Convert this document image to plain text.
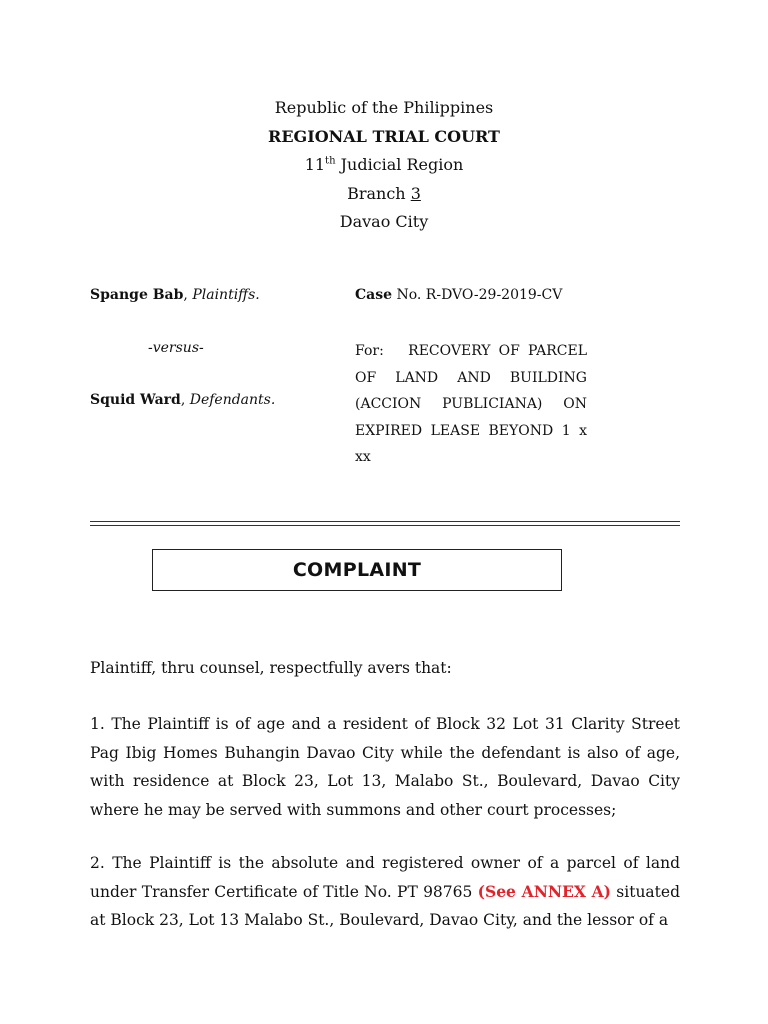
Republic of the Philippines
REGIONAL TRIAL COURT
11th Judicial Region
Branch 3
Davao City
Spange Bab, Plaintiffs.
-versus-
Squid Ward, Defendants.
Case No. R-DVO-29-2019-CV
For: RECOVERY OF PARCEL OF LAND AND BUILDING (ACCION PUBLICIANA) ON EXPIRED LEASE BEYOND 1 x xx
COMPLAINT
Plaintiff, thru counsel, respectfully avers that:
1. The Plaintiff is of age and a resident of Block 32 Lot 31 Clarity Street Pag Ibig Homes Buhangin Davao City while the defendant is also of age, with residence at Block 23, Lot 13, Malabo St., Boulevard, Davao City where he may be served with summons and other court processes;
2. The Plaintiff is the absolute and registered owner of a parcel of land under Transfer Certificate of Title No. PT 98765 (See ANNEX A) situated at Block 23, Lot 13 Malabo St., Boulevard, Davao City, and the lessor of a
